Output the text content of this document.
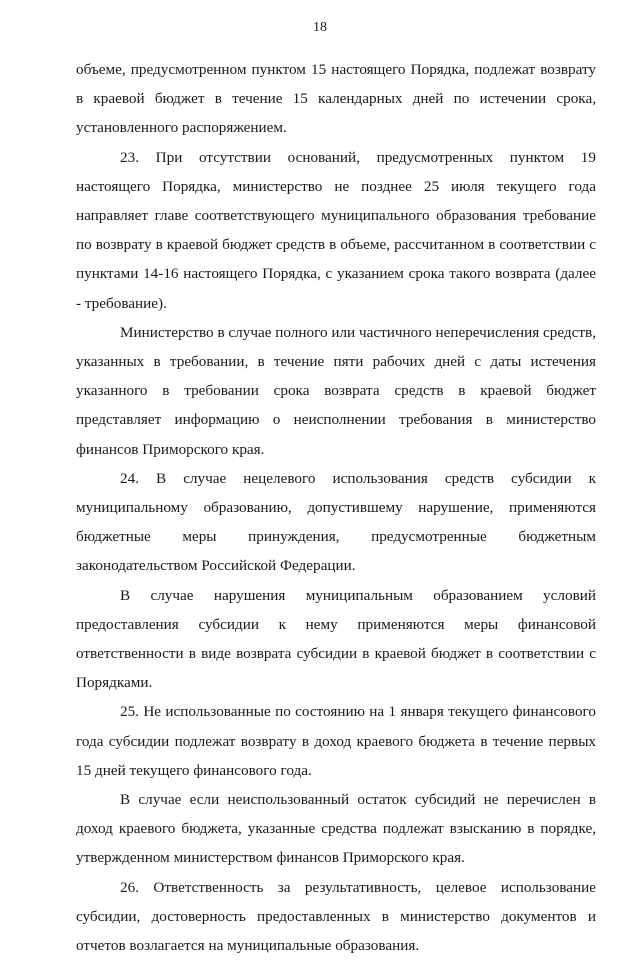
18

объеме, предусмотренном пунктом 15 настоящего Порядка, подлежат возврату в краевой бюджет в течение 15 календарных дней по истечении срока, установленного распоряжением.

23. При отсутствии оснований, предусмотренных пунктом 19 настоящего Порядка, министерство не позднее 25 июля текущего года направляет главе соответствующего муниципального образования требование по возврату в краевой бюджет средств в объеме, рассчитанном в соответствии с пунктами 14-16 настоящего Порядка, с указанием срока такого возврата (далее - требование).

Министерство в случае полного или частичного неперечисления средств, указанных в требовании, в течение пяти рабочих дней с даты истечения указанного в требовании срока возврата средств в краевой бюджет представляет информацию о неисполнении требования в министерство финансов Приморского края.

24. В случае нецелевого использования средств субсидии к муниципальному образованию, допустившему нарушение, применяются бюджетные меры принуждения, предусмотренные бюджетным законодательством Российской Федерации.

В случае нарушения муниципальным образованием условий предоставления субсидии к нему применяются меры финансовой ответственности в виде возврата субсидии в краевой бюджет в соответствии с Порядками.

25. Не использованные по состоянию на 1 января текущего финансового года субсидии подлежат возврату в доход краевого бюджета в течение первых 15 дней текущего финансового года.

В случае если неиспользованный остаток субсидий не перечислен в доход краевого бюджета, указанные средства подлежат взысканию в порядке, утвержденном министерством финансов Приморского края.

26. Ответственность за результативность, целевое использование субсидии, достоверность предоставленных в министерство документов и отчетов возлагается на муниципальные образования.
